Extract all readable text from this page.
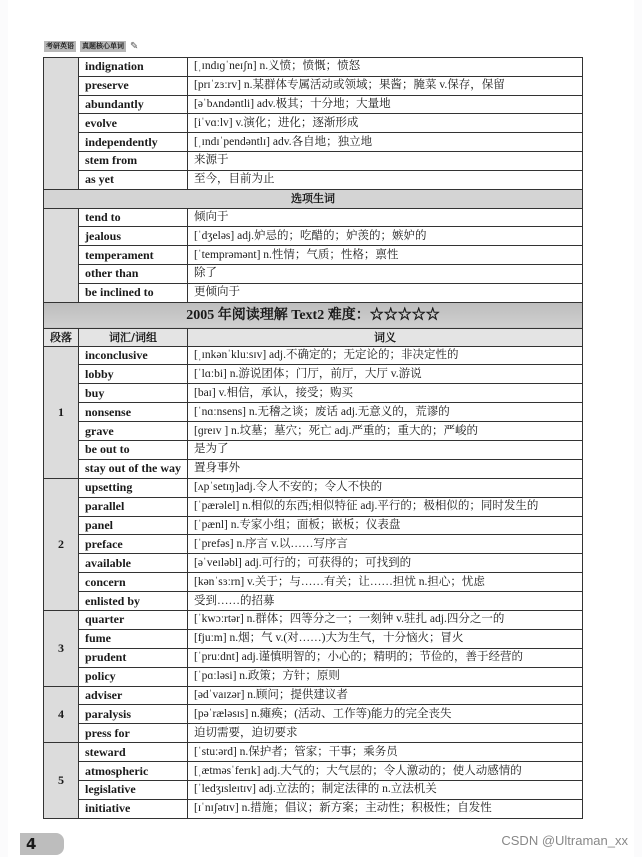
考研英语 真题核心单词 ✎
	indignation	[ˌɪndɪɡˈneɪʃn] n.义愤；愤慨；愤怒
	preserve	[prɪˈzɜːrv] n.某群体专属活动或领域；果酱；腌菜 v.保存，保留
	abundantly	[əˈbʌndəntli] adv.极其；十分地；大量地
	evolve	[iˈvɑːlv] v.演化；进化；逐渐形成
	independently	[ˌɪndɪˈpendəntlɪ] adv.各自地；独立地
	stem from	来源于
	as yet	至今，目前为止
选项生词		
	tend to	倾向于
	jealous	[ˈdʒeləs] adj.妒忌的；吃醋的；妒羡的；嫉妒的
	temperament	[ˈtemprəmənt] n.性情；气质；性格；禀性
	other than	除了
	be inclined to	更倾向于
2005 年阅读理解 Text2 难度：☆☆☆☆☆		
段落	词汇/词组	词义
1	inconclusive	[ˌɪnkənˈkluːsɪv] adj.不确定的；无定论的；非决定性的
	lobby	[ˈlɑːbi] n.游说团体；门厅，前厅，大厅 v.游说
	buy	[baɪ] v.相信，承认，接受；购买
	nonsense	[ˈnɑːnsens] n.无稽之谈；废话 adj.无意义的，荒谬的
	grave	[ɡreɪv ] n.坟墓；墓穴；死亡 adj.严重的；重大的；严峻的
	be out to	是为了
	stay out of the way	置身事外
2	upsetting	[ʌpˈsetɪŋ]adj.令人不安的；令人不快的
	parallel	[ˈpærəlel] n.相似的东西;相似特征 adj.平行的；极相似的；同时发生的
	panel	[ˈpænl] n.专家小组；面板；嵌板；仪表盘
	preface	[ˈprefəs] n.序言 v.以……写序言
	available	[əˈveɪləbl] adj.可行的；可获得的；可找到的
	concern	[kənˈsɜːrn] v.关于；与……有关；让……担忧 n.担心；忧虑
	enlisted by	受到……的招募
3	quarter	[ˈkwɔːrtər] n.群体；四等分之一；一刻钟 v.驻扎 adj.四分之一的
	fume	[fjuːm] n.烟；气 v.(对……)大为生气，十分恼火；冒火
	prudent	[ˈpruːdnt] adj.谨慎明智的；小心的；精明的；节俭的，善于经营的
	policy	[ˈpɑːləsi] n.政策；方针；原则
4	adviser	[ədˈvaɪzər] n.顾问；提供建议者
	paralysis	[pəˈræləsɪs] n.瘫痪；(活动、工作等)能力的完全丧失
	press for	迫切需要，迫切要求
5	steward	[ˈstuːərd] n.保护者；管家；干事；乘务员
	atmospheric	[ˌætməsˈferɪk] adj.大气的；大气层的；令人激动的；使人动感情的
	legislative	[ˈledʒɪsleɪtɪv] adj.立法的；制定法律的 n.立法机关
	initiative	[ɪˈnɪʃətɪv] n.措施；倡议；新方案；主动性；积极性；自发性
4	CSDN @Ultraman_xx
